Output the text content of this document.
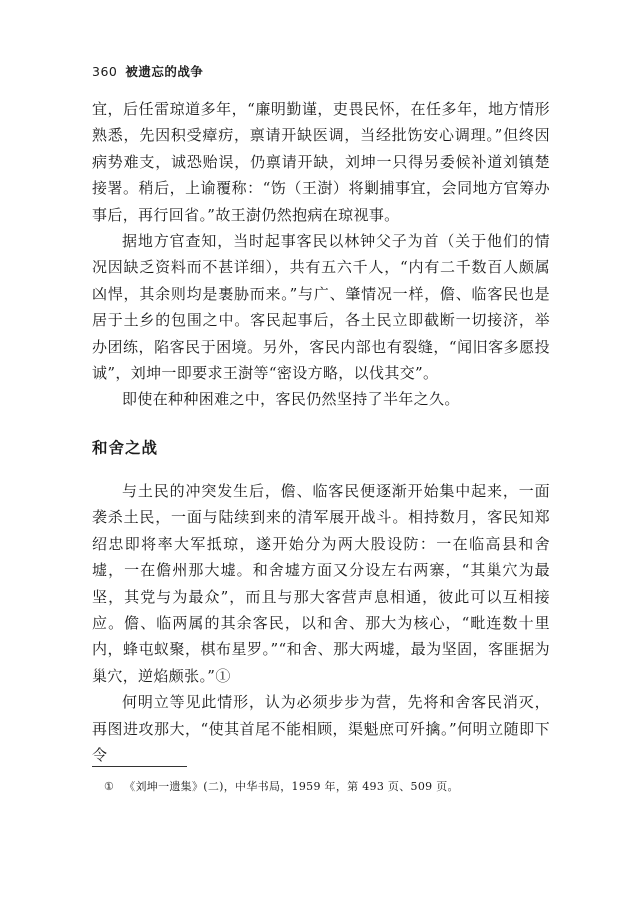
360 被遗忘的战争

宜，后任雷琼道多年，“廉明勤谨，吏畏民怀，在任多年，地方情形熟悉，先因积受瘴疠，禀请开缺医调，当经批饬安心调理。”但终因病势难支，诚恐贻误，仍禀请开缺，刘坤一只得另委候补道刘镇楚接署。稍后，上谕覆称：“饬（王澍）将剿捕事宜，会同地方官筹办事后，再行回省。”故王澍仍然抱病在琼视事。

据地方官查知，当时起事客民以林钟父子为首（关于他们的情况因缺乏资料而不甚详细），共有五六千人，“内有二千数百人颇属凶悍，其余则均是裹胁而来。”与广、肇情况一样，儋、临客民也是居于土乡的包围之中。客民起事后，各土民立即截断一切接济，举办团练，陷客民于困境。另外，客民内部也有裂缝，“闻旧客多愿投诚”，刘坤一即要求王澍等“密设方略，以伐其交”。

即使在种种困难之中，客民仍然坚持了半年之久。

和舍之战

与土民的冲突发生后，儋、临客民便逐渐开始集中起来，一面袭杀土民，一面与陆续到来的清军展开战斗。相持数月，客民知郑绍忠即将率大军抵琼，遂开始分为两大股设防：一在临高县和舍墟，一在儋州那大墟。和舍墟方面又分设左右两寨，“其巢穴为最坚，其党与为最众”，而且与那大客营声息相通，彼此可以互相接应。儋、临两属的其余客民，以和舍、那大为核心，“毗连数十里内，蜂屯蚁聚，棋布星罗。”“和舍、那大两墟，最为坚固，客匪据为巢穴，逆焰颇张。”①

何明立等见此情形，认为必须步步为营，先将和舍客民消灭，再图进攻那大，“使其首尾不能相顾，渠魁庶可歼擒。”何明立随即下令

① 《刘坤一遗集》(二)，中华书局，1959 年，第 493 页、509 页。
